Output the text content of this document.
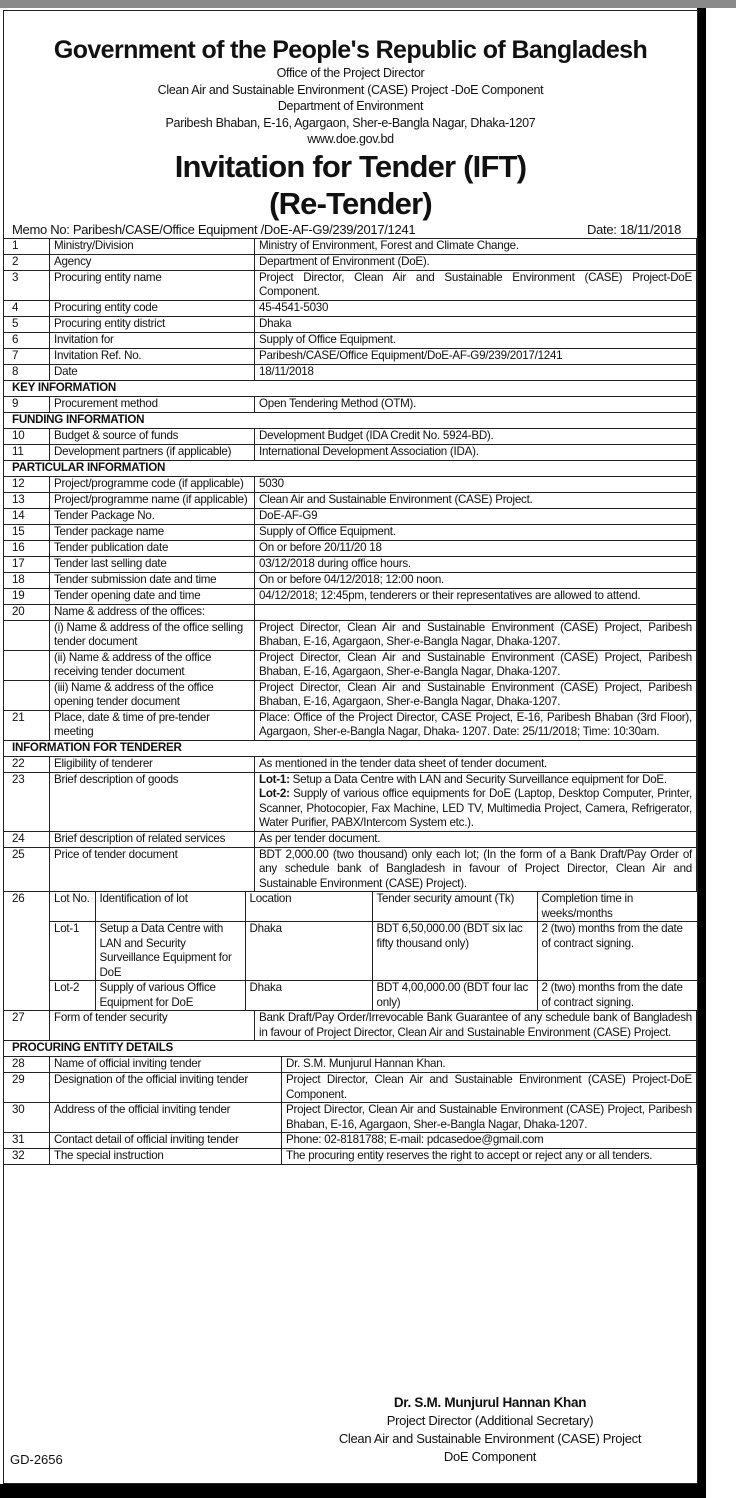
Government of the People's Republic of Bangladesh
Office of the Project Director
Clean Air and Sustainable Environment (CASE) Project -DoE Component
Department of Environment
Paribesh Bhaban, E-16, Agargaon, Sher-e-Bangla Nagar, Dhaka-1207
www.doe.gov.bd
Invitation for Tender (IFT)
(Re-Tender)
Memo No: Paribesh/CASE/Office Equipment /DoE-AF-G9/239/2017/1241	Date: 18/11/2018
1	Ministry/Division	Ministry of Environment, Forest and Climate Change.
2	Agency	Department of Environment (DoE).
3	Procuring entity name	Project Director, Clean Air and Sustainable Environment (CASE) Project-DoE Component.
4	Procuring entity code	45-4541-5030
5	Procuring entity district	Dhaka
6	Invitation for	Supply of Office Equipment.
7	Invitation Ref. No.	Paribesh/CASE/Office Equipment/DoE-AF-G9/239/2017/1241
8	Date	18/11/2018
KEY INFORMATION
9	Procurement method	Open Tendering Method (OTM).
FUNDING INFORMATION
10	Budget & source of funds	Development Budget (IDA Credit No. 5924-BD).
11	Development partners (if applicable)	International Development Association (IDA).
PARTICULAR INFORMATION
12	Project/programme code (if applicable)	5030
13	Project/programme name (if applicable)	Clean Air and Sustainable Environment (CASE) Project.
14	Tender Package No.	DoE-AF-G9
15	Tender package name	Supply of Office Equipment.
16	Tender publication date	On or before 20/11/20 18
17	Tender last selling date	03/12/2018 during office hours.
18	Tender submission date and time	On or before 04/12/2018; 12:00 noon.
19	Tender opening date and time	04/12/2018; 12:45pm, tenderers or their representatives are allowed to attend.
20	Name & address of the offices:	
	(i) Name & address of the office selling tender document	Project Director, Clean Air and Sustainable Environment (CASE) Project, Paribesh Bhaban, E-16, Agargaon, Sher-e-Bangla Nagar, Dhaka-1207.
	(ii) Name & address of the office receiving tender document	Project Director, Clean Air and Sustainable Environment (CASE) Project, Paribesh Bhaban, E-16, Agargaon, Sher-e-Bangla Nagar, Dhaka-1207.
	(iii) Name & address of the office opening tender document	Project Director, Clean Air and Sustainable Environment (CASE) Project, Paribesh Bhaban, E-16, Agargaon, Sher-e-Bangla Nagar, Dhaka-1207.
21	Place, date & time of pre-tender meeting	Place: Office of the Project Director, CASE Project, E-16, Paribesh Bhaban (3rd Floor), Agargaon, Sher-e-Bangla Nagar, Dhaka- 1207. Date: 25/11/2018; Time: 10:30am.
INFORMATION FOR TENDERER
22	Eligibility of tenderer	As mentioned in the tender data sheet of tender document.
23	Brief description of goods	Lot-1: Setup a Data Centre with LAN and Security Surveillance equipment for DoE.
Lot-2: Supply of various office equipments for DoE (Laptop, Desktop Computer, Printer, Scanner, Photocopier, Fax Machine, LED TV, Multimedia Project, Camera, Refrigerator, Water Purifier, PABX/Intercom System etc.).

24	Brief description of related services	As per tender document.
25	Price of tender document	BDT 2,000.00 (two thousand) only each lot; (In the form of a Bank Draft/Pay Order of any schedule bank of Bangladesh in favour of Project Director, Clean Air and Sustainable Environment (CASE) Project).
26		Lot No.	Identification of lot	Location	Tender security amount (Tk)	Completion time in weeks/months
Lot-1	Setup a Data Centre with LAN and Security Surveillance Equipment for DoE	Dhaka	BDT 6,50,000.00 (BDT six lac fifty thousand only)	2 (two) months from the date of contract signing.
Lot-2	Supply of various Office Equipment for DoE	Dhaka	BDT 4,00,000.00 (BDT four lac only)	2 (two) months from the date of contract signing.

27	Form of tender security	Bank Draft/Pay Order/Irrevocable Bank Guarantee of any schedule bank of Bangladesh in favour of Project Director, Clean Air and Sustainable Environment (CASE) Project.
PROCURING ENTITY DETAILS
28	Name of official inviting tender	Dr. S.M. Munjurul Hannan Khan.
29	Designation of the official inviting tender	Project Director, Clean Air and Sustainable Environment (CASE) Project-DoE Component.
30	Address of the official inviting tender	Project Director, Clean Air and Sustainable Environment (CASE) Project, Paribesh Bhaban, E-16, Agargaon, Sher-e-Bangla Nagar, Dhaka-1207.
31	Contact detail of official inviting tender	Phone: 02-8181788; E-mail: pdcasedoe@gmail.com
32	The special instruction	The procuring entity reserves the right to accept or reject any or all tenders.
Dr. S.M. Munjurul Hannan Khan
Project Director (Additional Secretary)
Clean Air and Sustainable Environment (CASE) Project
DoE Component
GD-2656
